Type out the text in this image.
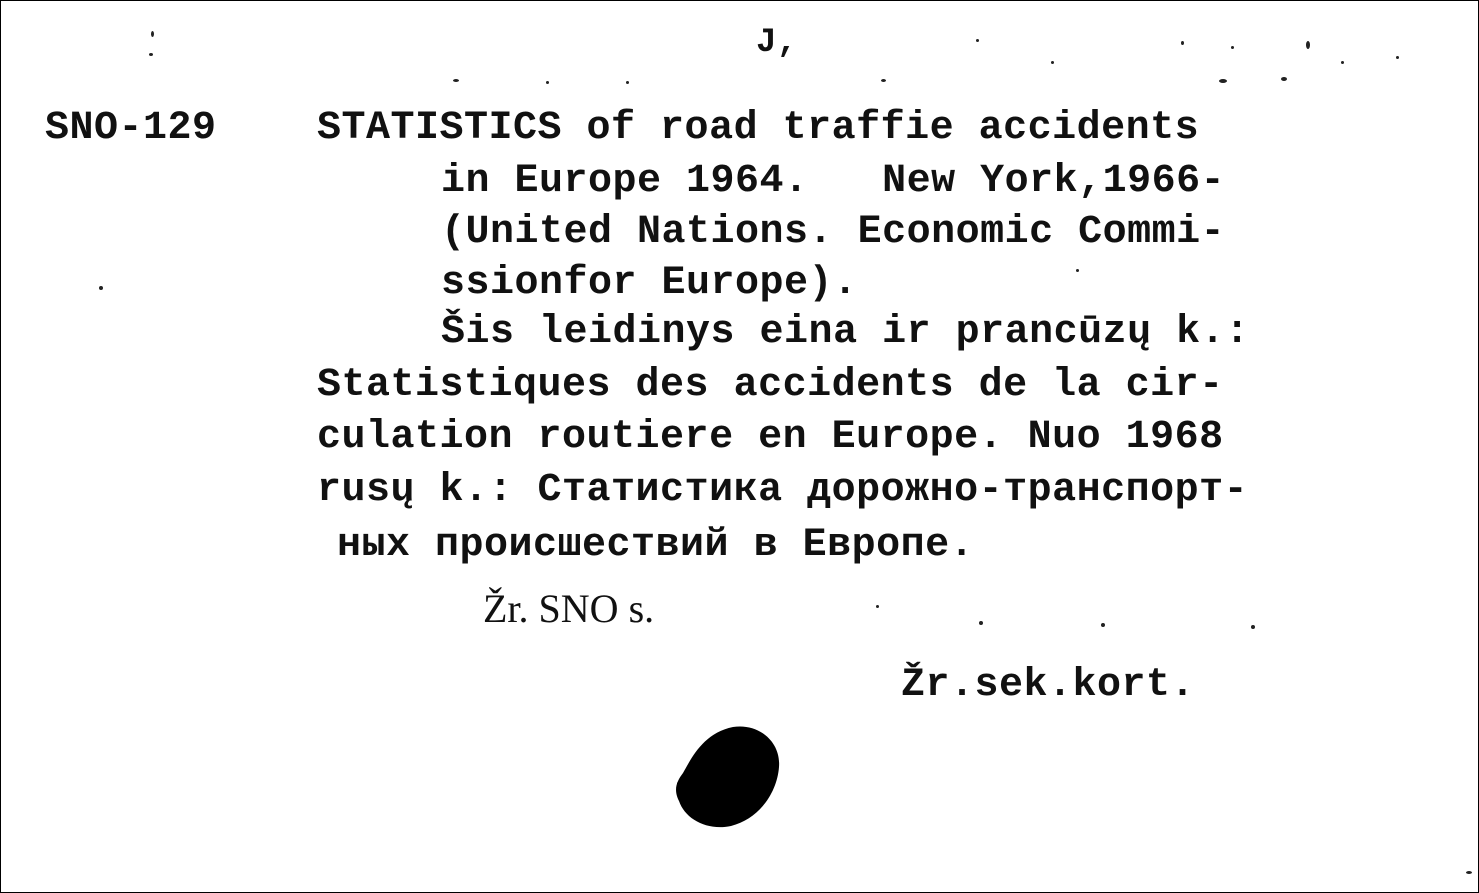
J,
SNO-129	STATISTICS of road traffie accidents
in Europe 1964.   New York,1966-
(United Nations. Economic Commi-
ssionfor Europe).
Šis leidinys eina ir prancūzų k.:
Statistiques des accidents de la cir-
culation routiere en Europe. Nuo 1968
rusų k.: Статистика дорожно-транспорт-
ных происшествий в Европе.
Žr. SNO s.
Žr.sek.kort.
